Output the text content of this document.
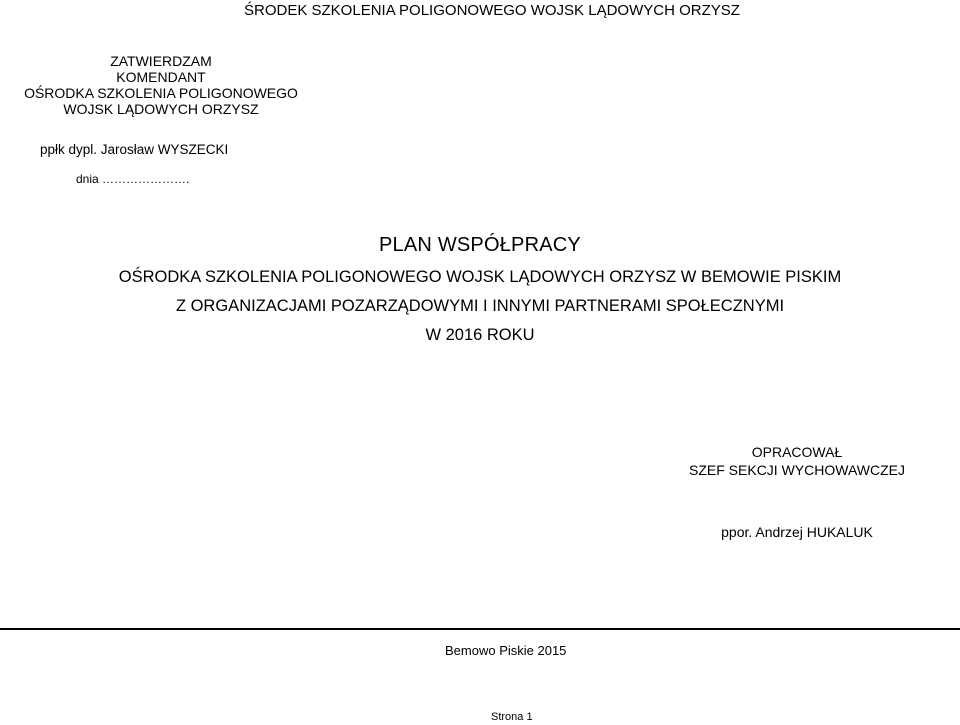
ŚRODEK SZKOLENIA POLIGONOWEGO WOJSK LĄDOWYCH ORZYSZ
ZATWIERDZAM
KOMENDANT
OŚRODKA SZKOLENIA POLIGONOWEGO
WOJSK LĄDOWYCH ORZYSZ
ppłk dypl. Jarosław WYSZECKI
dnia ………………….
PLAN WSPÓŁPRACY
OŚRODKA SZKOLENIA POLIGONOWEGO WOJSK LĄDOWYCH ORZYSZ W BEMOWIE PISKIM
Z ORGANIZACJAMI POZARZĄDOWYMI I INNYMI PARTNERAMI SPOŁECZNYMI
W 2016 ROKU
OPRACOWAŁ
SZEF SEKCJI WYCHOWAWCZEJ
ppor. Andrzej HUKALUK
Bemowo Piskie 2015
Strona 1
